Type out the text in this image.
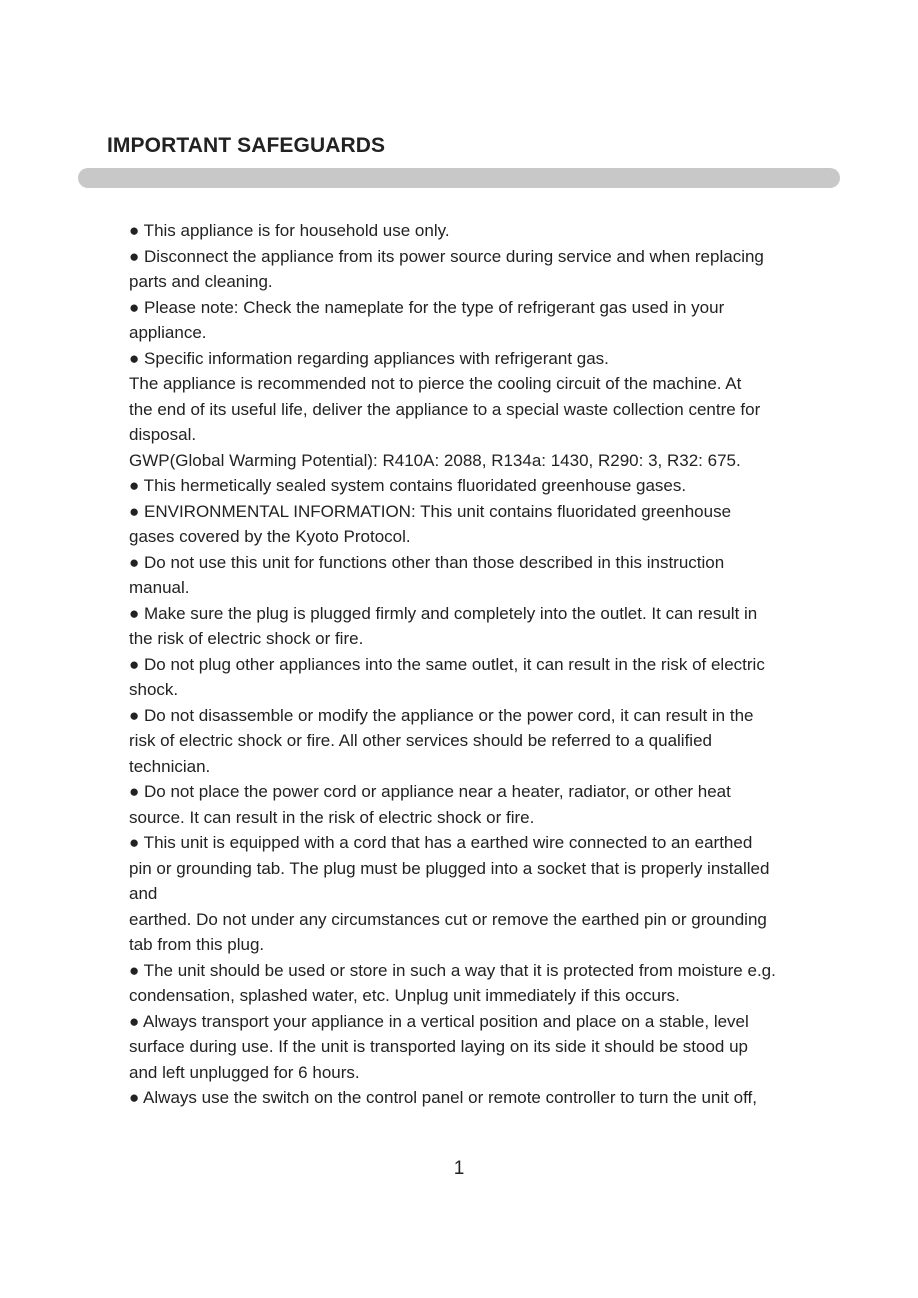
IMPORTANT SAFEGUARDS
● This appliance is for household use only.
● Disconnect the appliance from its power source during service and when replacing
parts and cleaning.
● Please note: Check the nameplate for the type of refrigerant gas used in your
appliance.
● Specific information regarding appliances with refrigerant gas.
The appliance is recommended not to pierce the cooling circuit of the machine. At
the end of its useful life, deliver the appliance to a special waste collection centre for
disposal.
GWP(Global Warming Potential): R410A: 2088, R134a: 1430, R290: 3, R32: 675.
● This hermetically sealed system contains fluoridated greenhouse gases.
● ENVIRONMENTAL INFORMATION: This unit contains fluoridated greenhouse
gases covered by the Kyoto Protocol.
● Do not use this unit for functions other than those described in this instruction
manual.
● Make sure the plug is plugged firmly and completely into the outlet. It can result in
the risk of electric shock or fire.
● Do not plug other appliances into the same outlet, it can result in the risk of electric
shock.
● Do not disassemble or modify the appliance or the power cord, it can result in the
risk of electric shock or fire. All other services should be referred to a qualified
technician.
● Do not place the power cord or appliance near a heater, radiator, or other heat
source. It can result in the risk of electric shock or fire.
● This unit is equipped with a cord that has a earthed wire connected to an earthed
pin or grounding tab. The plug must be plugged into a socket that is properly installed
and
earthed. Do not under any circumstances cut or remove the earthed pin or grounding
tab from this plug.
● The unit should be used or store in such a way that it is protected from moisture e.g.
condensation, splashed water, etc. Unplug unit immediately if this occurs.
● Always transport your appliance in a vertical position and place on a stable, level
surface during use. If the unit is transported laying on its side it should be stood up
and left unplugged for 6 hours.
● Always use the switch on the control panel or remote controller to turn the unit off,
1
